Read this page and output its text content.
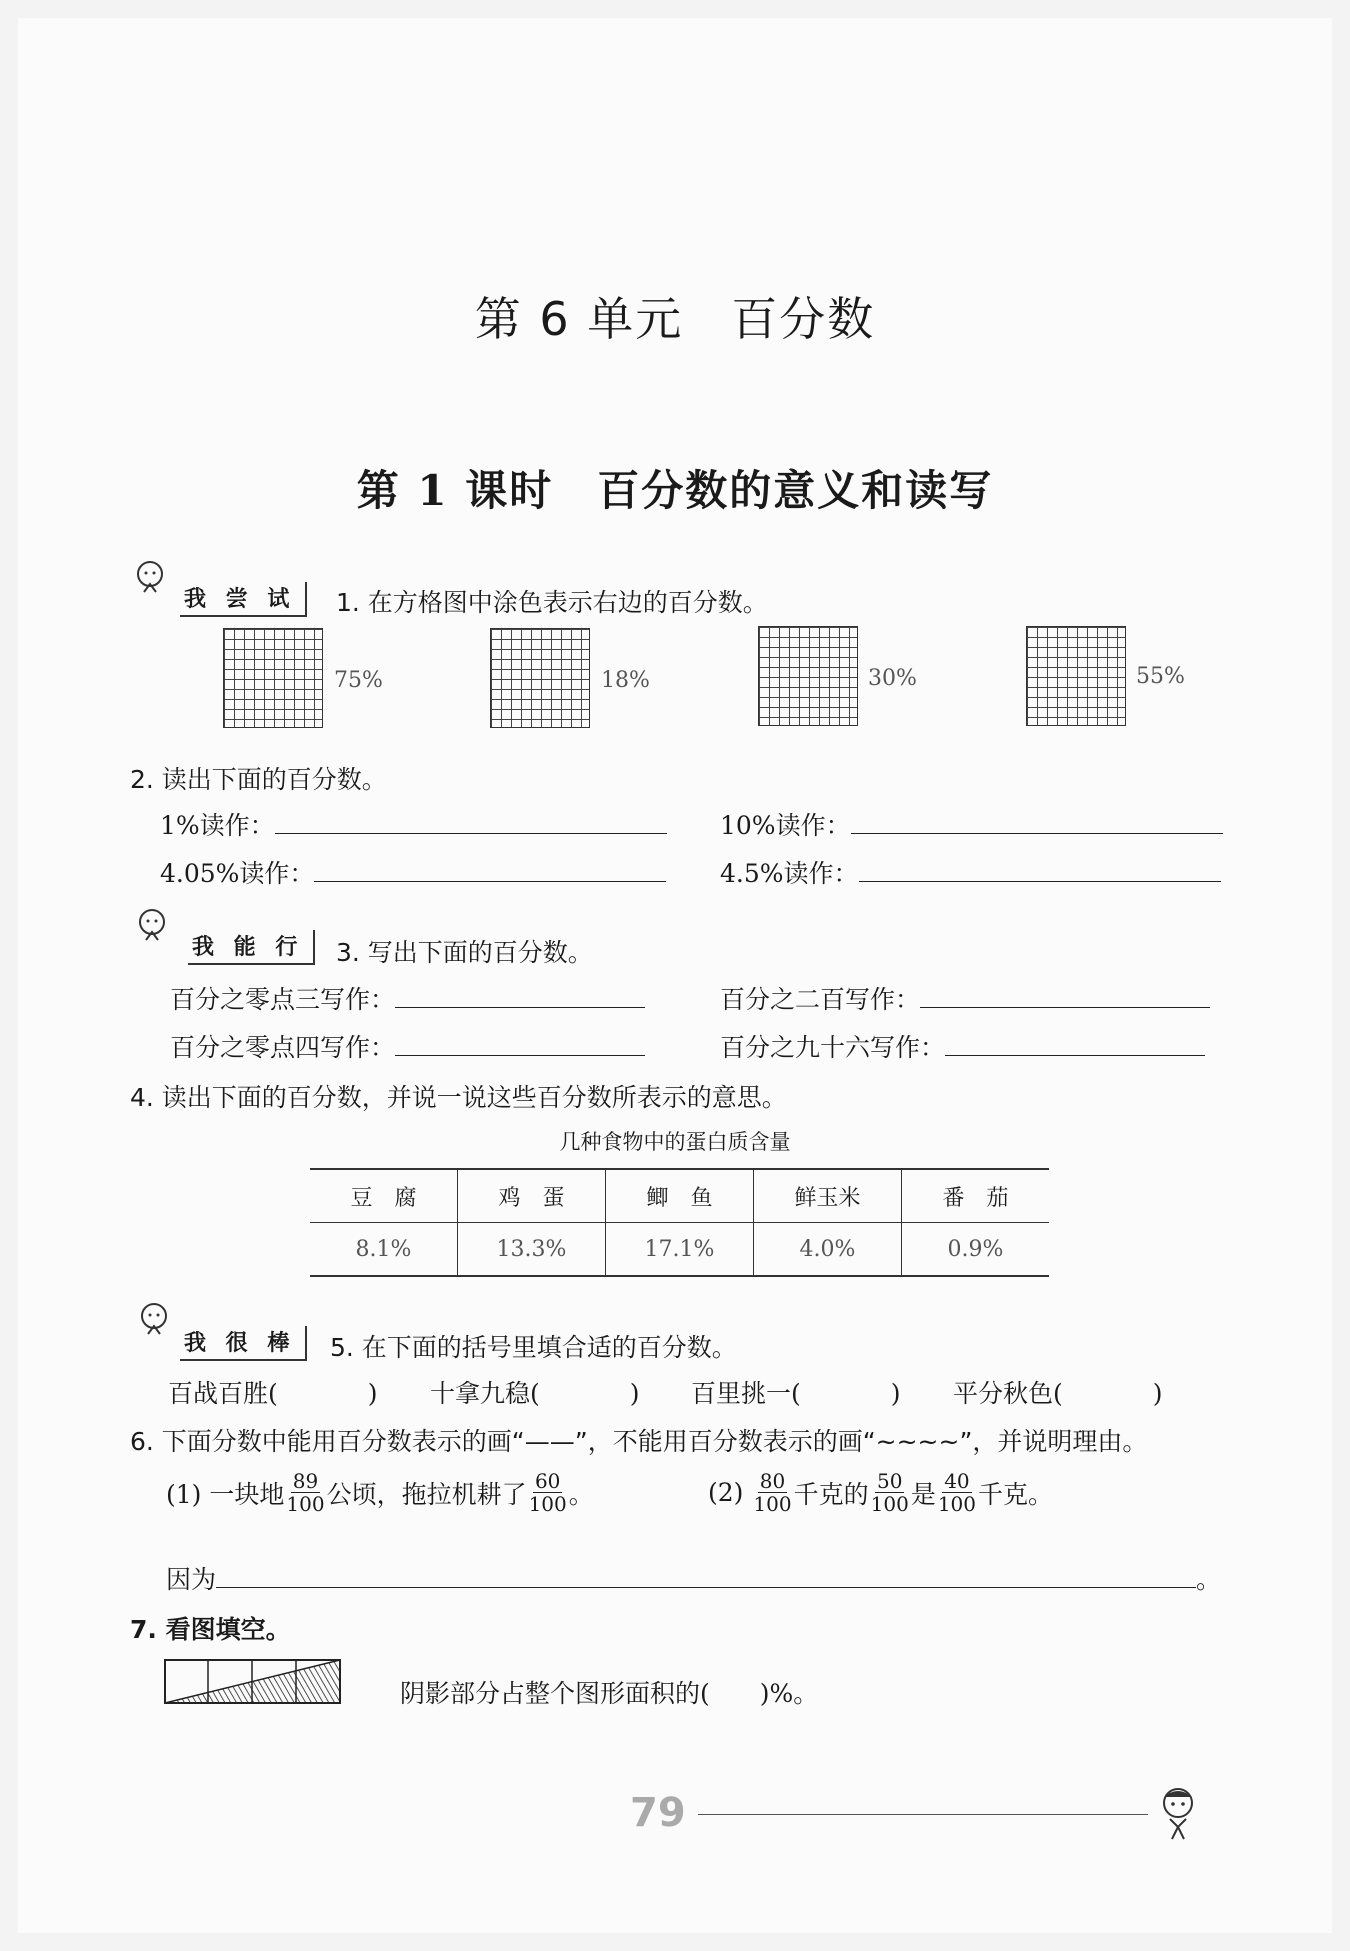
第 6 单元　百分数
第 1 课时　百分数的意义和读写
我 尝 试	1. 在方格图中涂色表示右边的百分数。
75%	18%	30%	55%
2. 读出下面的百分数。
1%读作：	10%读作：
4.05%读作：	4.5%读作：
我 能 行	3. 写出下面的百分数。
百分之零点三写作：	百分之二百写作：
百分之零点四写作：	百分之九十六写作：
4. 读出下面的百分数，并说一说这些百分数所表示的意思。
几种食物中的蛋白质含量
豆　腐	鸡　蛋	鲫　鱼	鲜玉米	番　茄
8.1%	13.3%	17.1%	4.0%	0.9%
我 很 棒	5. 在下面的括号里填合适的百分数。
百战百胜(	) 十拿九稳(	) 百里挑一(	) 平分秋色(	)
6. 下面分数中能用百分数表示的画“——”，不能用百分数表示的画“~~~~”，并说明理由。
(1) 一块地 $\frac{89}{100}$ 公顷，拖拉机耕了 $\frac{60}{100}$ 。	$(2) \frac{80}{100}$ 千克的 $\frac{50}{100}$ 是 $\frac{40}{100}$ 千克。
因为	。
7. 看图填空。
阴影部分占整个图形面积的(　　)%。
79
